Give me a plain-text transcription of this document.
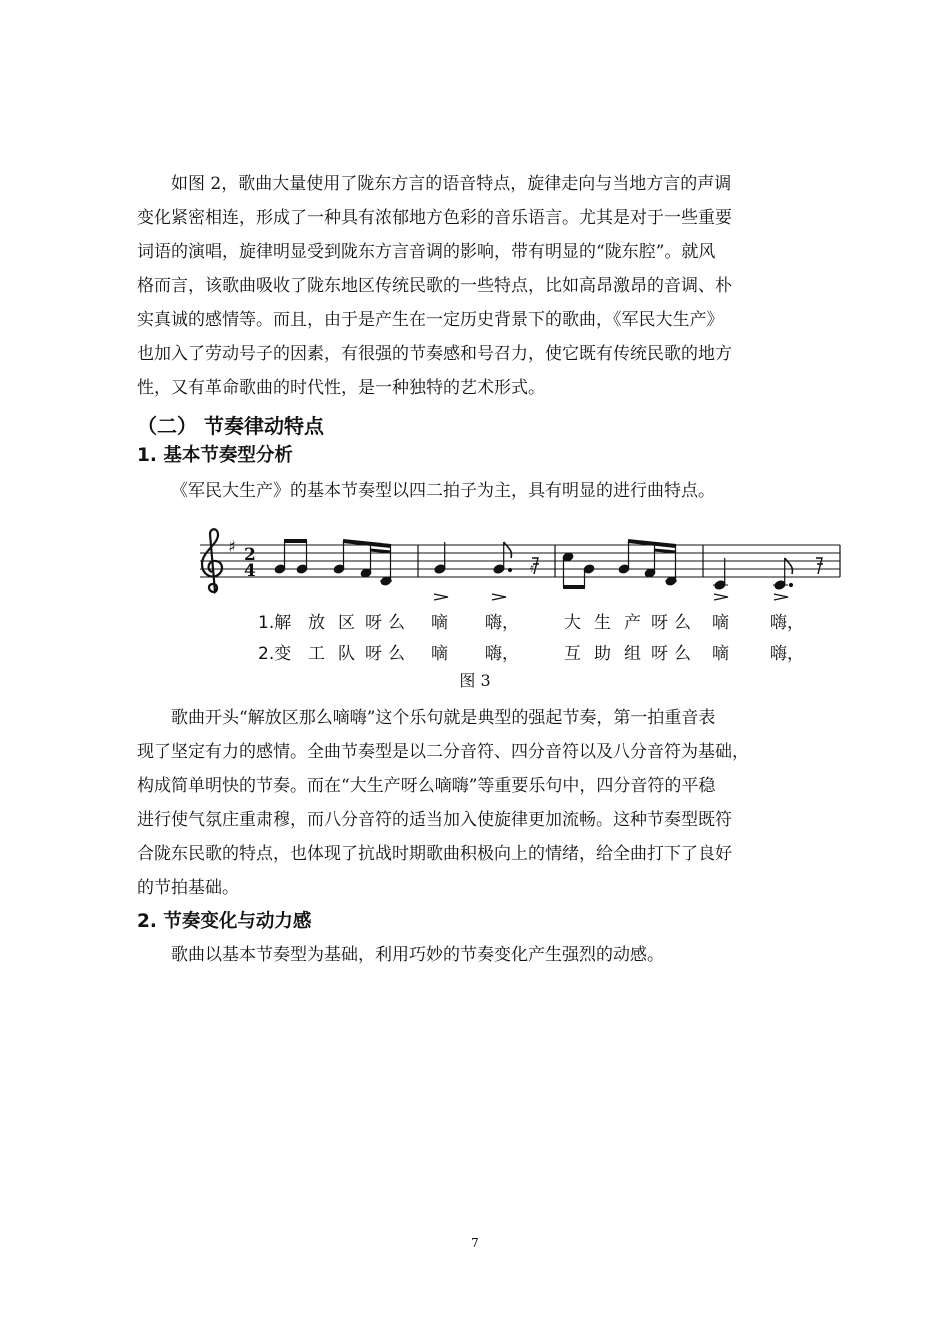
如图 2，歌曲大量使用了陇东方言的语音特点，旋律走向与当地方言的声调
变化紧密相连，形成了一种具有浓郁地方色彩的音乐语言。尤其是对于一些重要
词语的演唱，旋律明显受到陇东方言音调的影响，带有明显的“陇东腔”。就风
格而言，该歌曲吸收了陇东地区传统民歌的一些特点，比如高昂激昂的音调、朴
实真诚的感情等。而且，由于是产生在一定历史背景下的歌曲，《军民大生产》
也加入了劳动号子的因素，有很强的节奏感和号召力，使它既有传统民歌的地方
性，又有革命歌曲的时代性，是一种独特的艺术形式。

（二） 节奏律动特点
1. 基本节奏型分析

《军民大生产》的基本节奏型以四二拍子为主，具有明显的进行曲特点。

♯ 2
4	𝄿
1.解 放 区 呀 么 嘀 嗨，	大 生 产 呀 么 嘀 嗨，
2.变 工 队 呀 么 嘀 嗨，	互 助 组 呀 么 嘀 嗨，

图 3

歌曲开头“解放区那么嘀嗨”这个乐句就是典型的强起节奏，第一拍重音表
现了坚定有力的感情。全曲节奏型是以二分音符、四分音符以及八分音符为基础，
构成简单明快的节奏。而在“大生产呀么嘀嗨”等重要乐句中，四分音符的平稳
进行使气氛庄重肃穆，而八分音符的适当加入使旋律更加流畅。这种节奏型既符
合陇东民歌的特点，也体现了抗战时期歌曲积极向上的情绪，给全曲打下了良好
的节拍基础。

2. 节奏变化与动力感

歌曲以基本节奏型为基础，利用巧妙的节奏变化产生强烈的动感。

7
